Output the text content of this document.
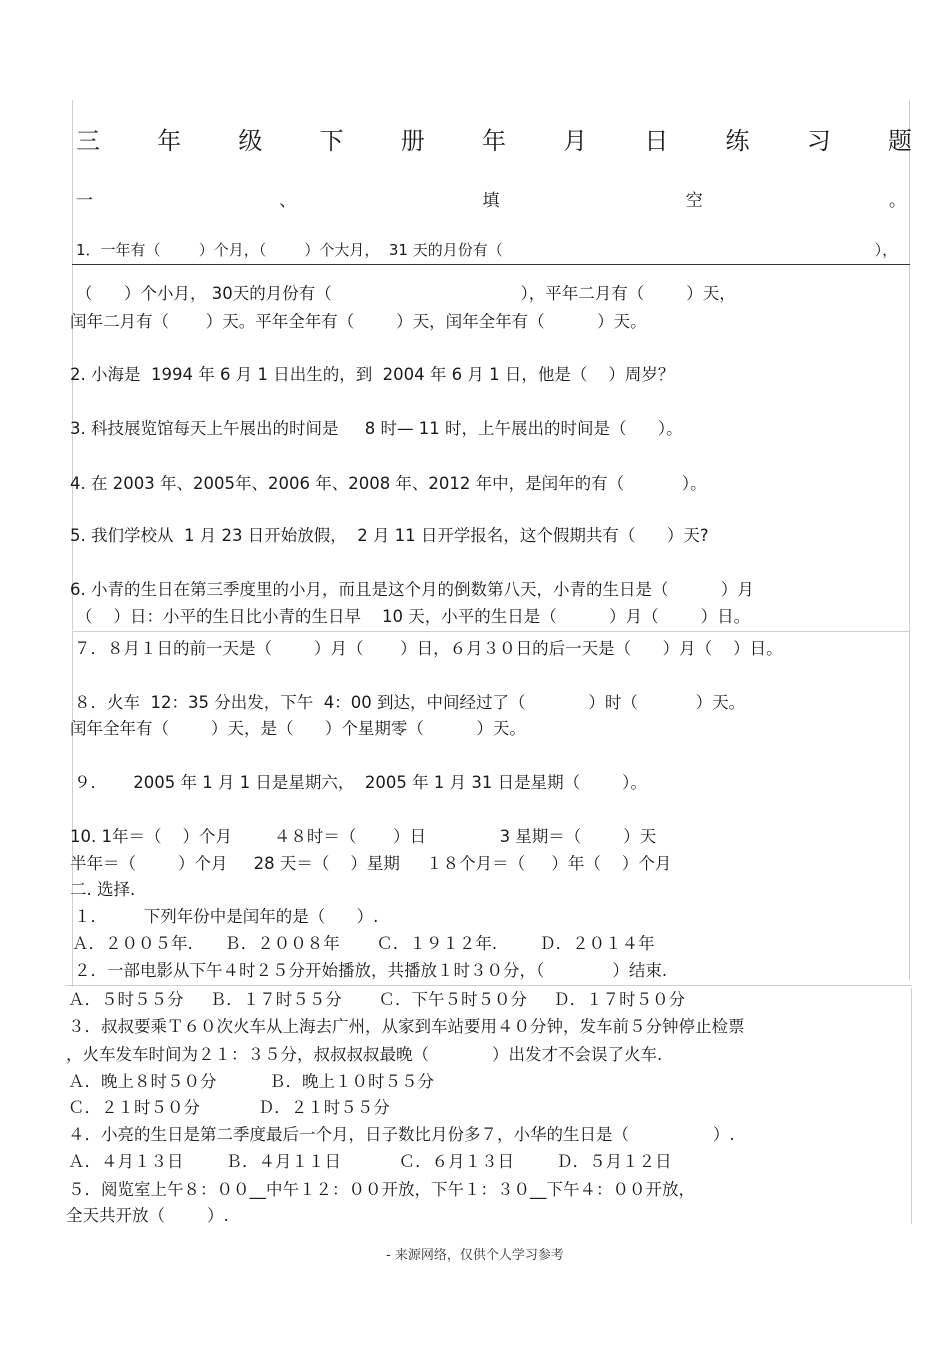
三 年 级 下 册 年 月 日 练 习 题
一	、	填	空	。
1．一年有（        ）个月，（        ）个大月，  31 天的月份有（                                                                              ），
（      ）个小月， 30天的月份有（                                    ），平年二月有（        ）天，
闰年二月有（       ）天。平年全年有（        ）天，闰年全年有（          ）天。
2. 小海是  1994 年 6 月 1 日出生的，到  2004 年 6 月 1 日，他是（    ）周岁？
3. 科技展览馆每天上午展出的时间是     8 时— 11 时，上午展出的时间是（      ）。
4. 在 2003 年、2005年、2006 年、2008 年、2012 年中，是闰年的有（           ）。
5. 我们学校从  1 月 23 日开始放假，  2 月 11 日开学报名，这个假期共有（      ）天?
6. 小青的生日在第三季度里的小月，而且是这个月的倒数第八天，小青的生日是（          ）月
（    ）日：小平的生日比小青的生日早    10 天，小平的生日是（          ）月（        ）日。
７．８月１日的前一天是（        ）月（       ）日，６月３０日的后一天是（      ）月（    ）日。
８．火车  12：35 分出发，下午  4：00 到达，中间经过了（            ）时（           ）天。
闰年全年有（        ）天，是（      ）个星期零（          ）天。
９．     2005 年 1 月 1 日是星期六，  2005 年 1 月 31 日是星期（        ）。
10. 1年＝（    ）个月        ４８时＝（       ）日              3 星期＝（        ）天
半年＝（        ）个月     28 天＝（    ）星期     １８个月＝（     ）年（    ）个月
二. 选择.
１．       下列年份中是闰年的是（      ）.
Ａ．２００５年.      Ｂ．２００８年       Ｃ．１９１２年.        Ｄ．２０１４年
２．一部电影从下午４时２５分开始播放，共播放１时３０分，（             ）结束.
Ａ．５时５５分     Ｂ．１７时５５分       Ｃ．下午５时５０分     Ｄ．１７时５０分
３．叔叔要乘Ｔ６０次火车从上海去广州，从家到车站要用４０分钟，发车前５分钟停止检票
，火车发车时间为２１：３５分，叔叔叔叔最晚（            ）出发才不会误了火车.
Ａ．晚上８时５０分          Ｂ．晚上１０时５５分
Ｃ．２１时５０分           Ｄ．２１时５５分
４．小亮的生日是第二季度最后一个月，日子数比月份多７，小华的生日是（                ）.
Ａ．４月１３日        Ｂ．４月１１日           Ｃ．６月１３日        Ｄ．５月１２日
５．阅览室上午８：００__中午１２：００开放，下午１：３０__下午４：００开放，
全天共开放（        ）.
- 来源网络，仅供个人学习参考
